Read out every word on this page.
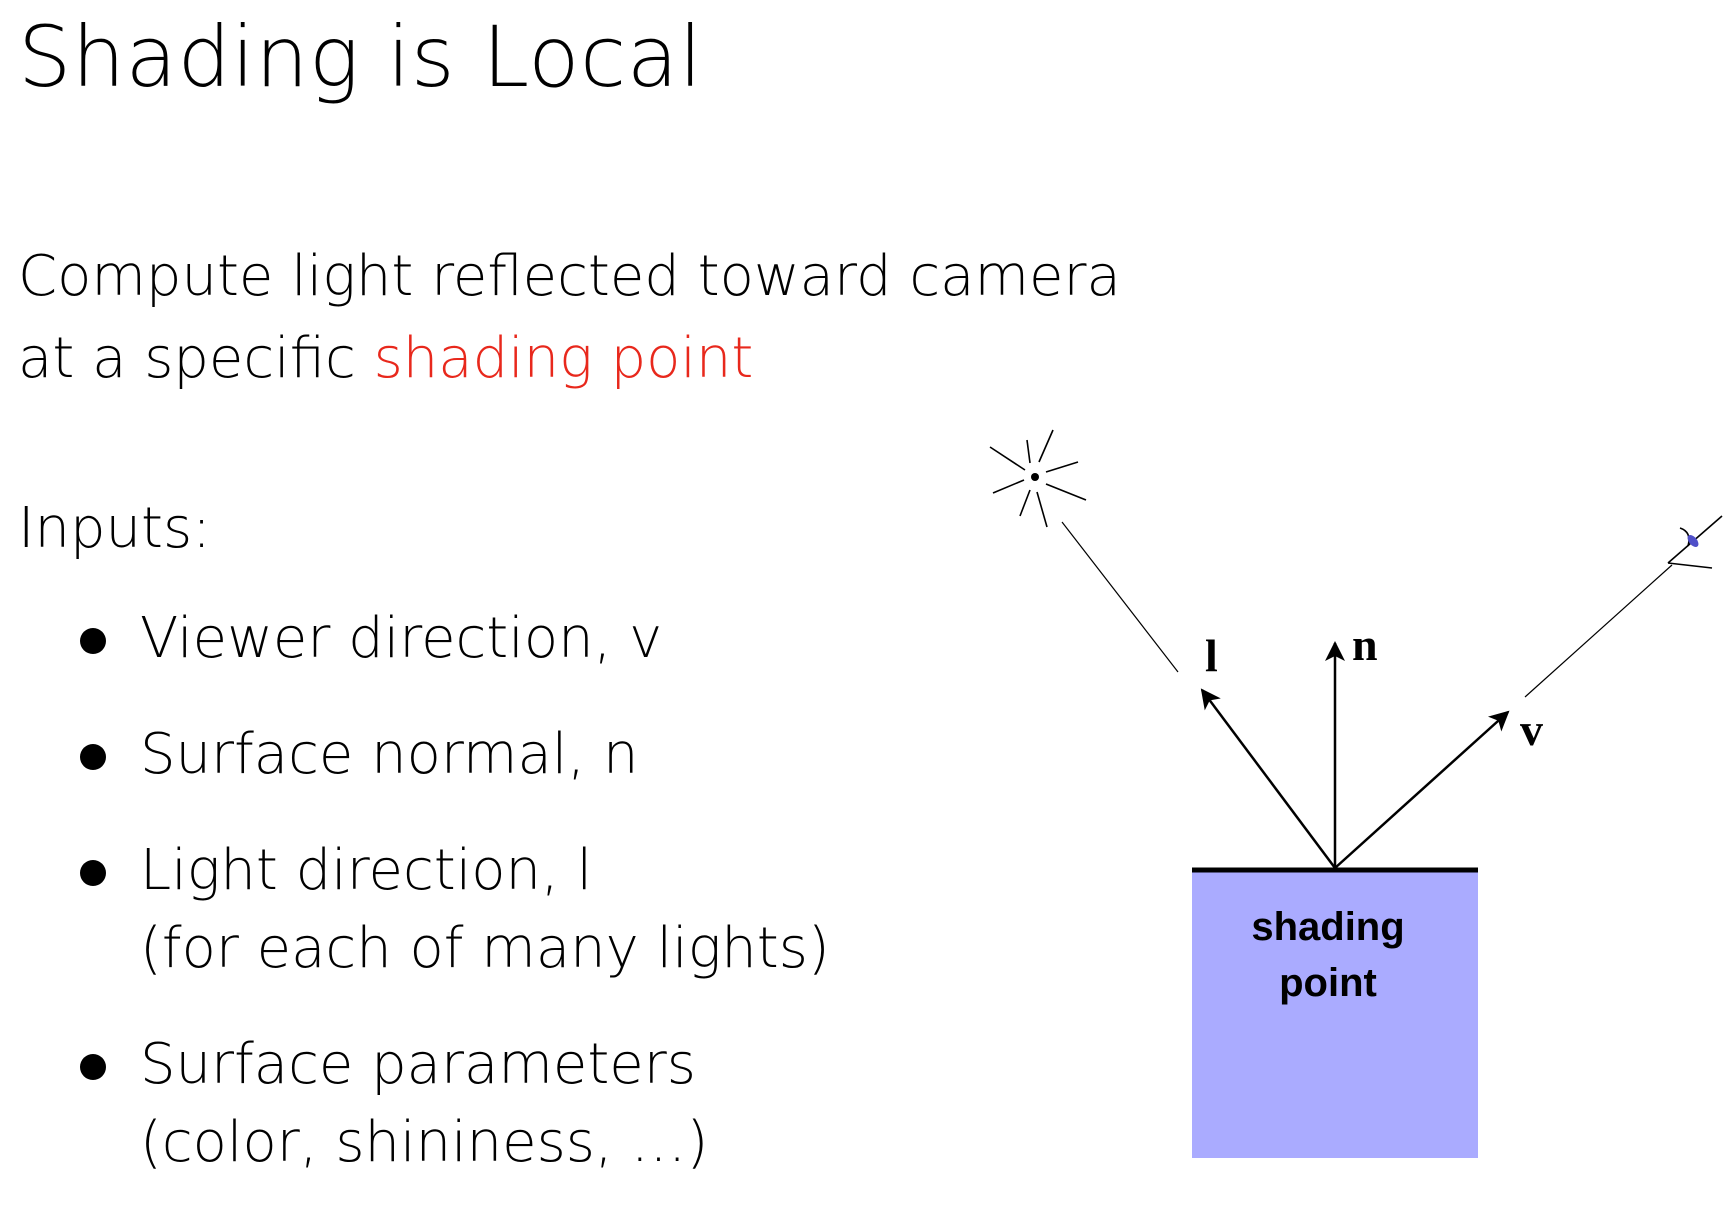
Shading is Local
Compute light reflected toward camera
at a specific shading point
Inputs:
Viewer direction, v
Surface normal, n
Light direction, l
(for each of many lights)
Surface parameters
(color, shininess, …)
shading
point
l	n
v
